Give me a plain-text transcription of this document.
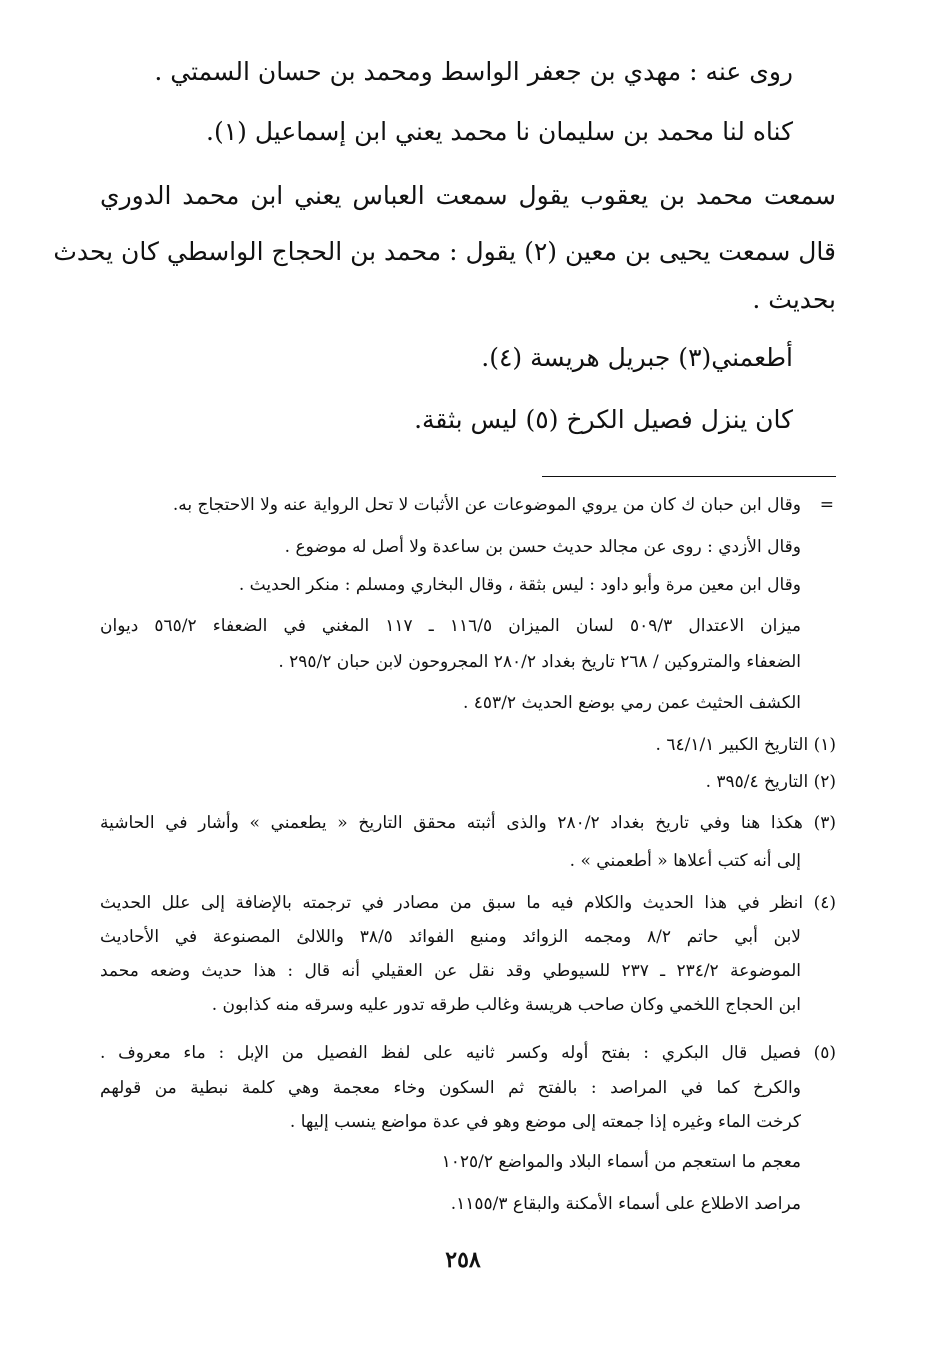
روى عنه : مهدي بن جعفر الواسط ومحمد بن حسان السمتي .
كناه لنا محمد بن سليمان نا محمد يعني ابن إسماعيل (١).
سمعت محمد بن يعقوب يقول سمعت العباس يعني ابن محمد الدوري
قال سمعت يحيى بن معين (٢) يقول : محمد بن الحجاج الواسطي كان يحدث
بحديث .
أطعمني(٣) جبريل هريسة (٤).
كان ينزل فصيل الكرخ (٥) ليس بثقة.
=
وقال ابن حبان ك كان من يروي الموضوعات عن الأثبات لا تحل الرواية عنه ولا الاحتجاج به.
وقال الأزدي : روى عن مجالد حديث حسن بن ساعدة ولا أصل له موضوع .
وقال ابن معين مرة وأبو داود : ليس بثقة ، وقال البخاري ومسلم : منكر الحديث .
ميزان الاعتدال ٥٠٩/٣ لسان الميزان ١١٦/٥ ـ ١١٧ المغني في الضعفاء ٥٦٥/٢ ديوان
الضعفاء والمتروكين / ٢٦٨ تاريخ بغداد ٢٨٠/٢ المجروحون لابن حبان ٢٩٥/٢ .
الكشف الحثيث عمن رمي بوضع الحديث ٤٥٣/٢ .
(١) التاريخ الكبير ٦٤/١/١ .
(٢) التاريخ ٣٩٥/٤ .
(٣) هكذا هنا وفي تاريخ بغداد ٢٨٠/٢ والذى أثبته محقق التاريخ « يطعمني » وأشار في الحاشية
إلى أنه كتب أعلاها « أطعمني » .
(٤) انظر في هذا الحديث والكلام فيه ما سبق من مصادر في ترجمته بالإضافة إلى علل الحديث
لابن أبي حاتم ٨/٢ ومجمه الزوائد ومنبع الفوائد ٣٨/٥ واللالئ المصنوعة في الأحاديث
الموضوعة ٢٣٤/٢ ـ ٢٣٧ للسيوطي وقد نقل عن العقيلي أنه قال : هذا حديث وضعه محمد
ابن الحجاج اللخمي وكان صاحب هريسة وغالب طرقه تدور عليه وسرقه منه كذابون .
(٥) فصيل قال البكري : بفتح أوله وكسر ثانيه على لفظ الفصيل من الإبل : ماء معروف .
والكرخ كما في المراصد : بالفتح ثم السكون وخاء معجمة وهي كلمة نبطية من قولهم
كرخت الماء وغيره إذا جمعته إلى موضع وهو في عدة مواضع ينسب إليها .
معجم ما استعجم من أسماء البلاد والمواضع ١٠٢٥/٢
مراصد الاطلاع على أسماء الأمكنة والبقاع ١١٥٥/٣.
٢٥٨
